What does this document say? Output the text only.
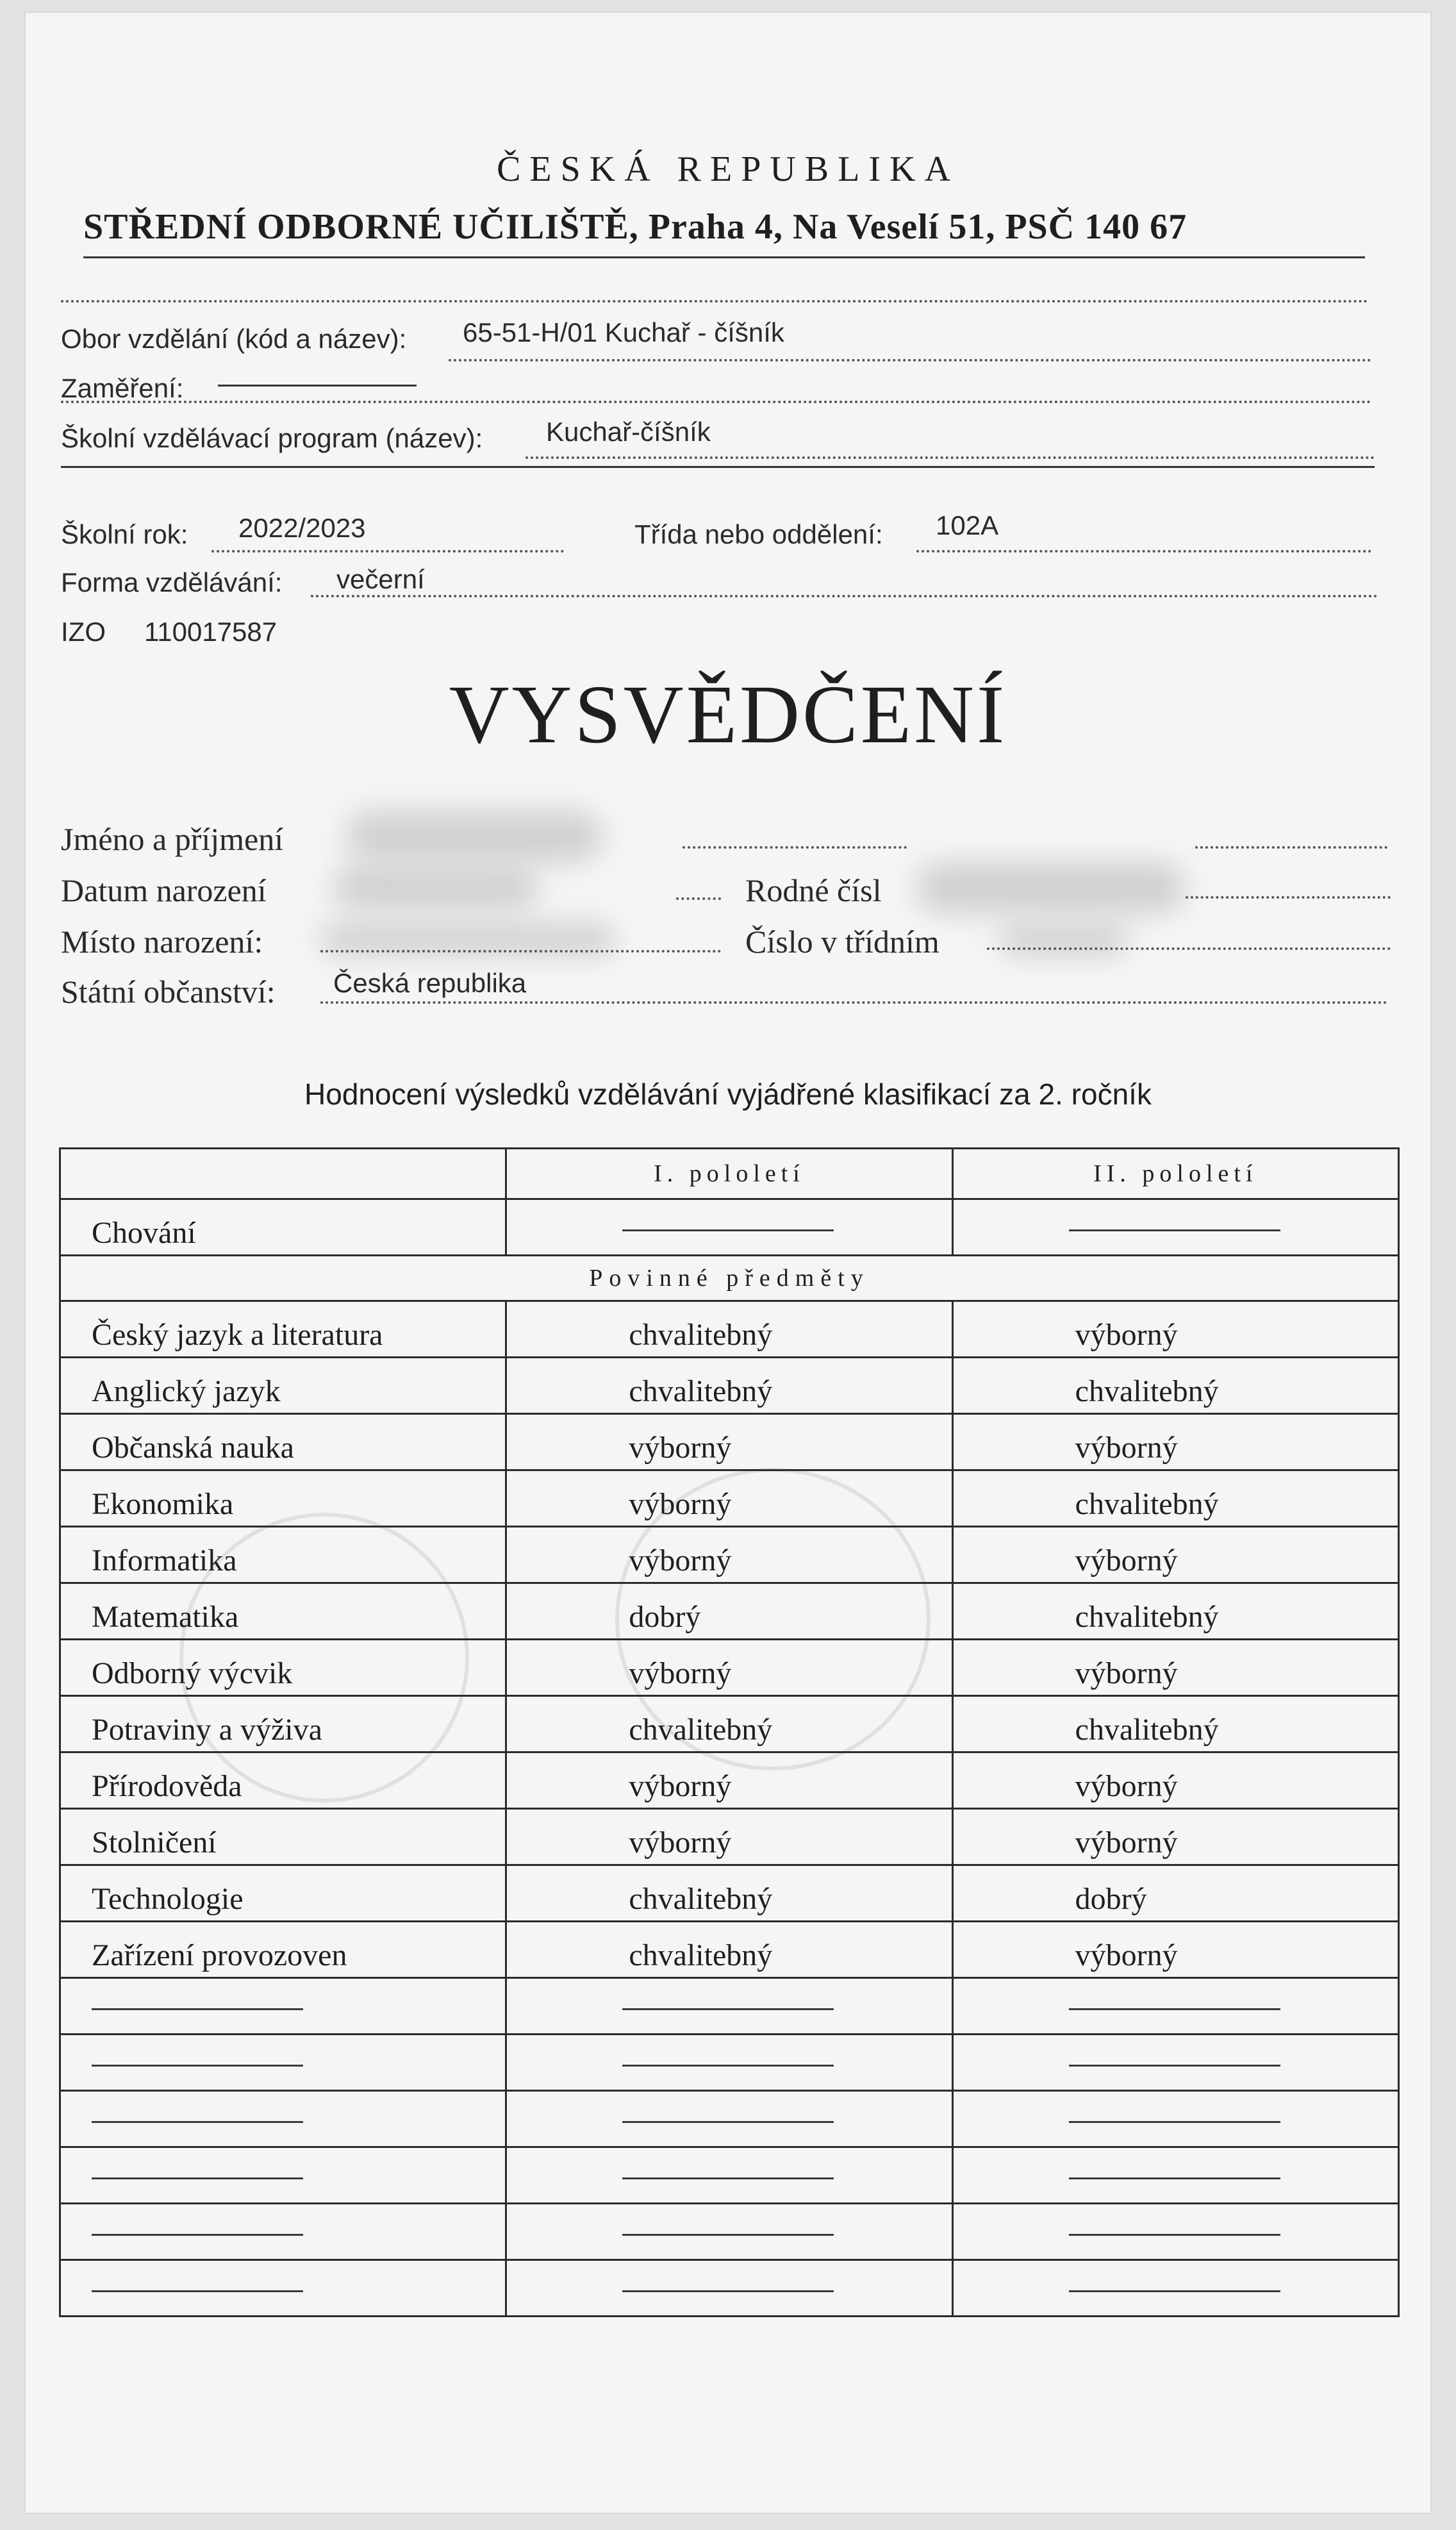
ČESKÁ REPUBLIKA
STŘEDNÍ ODBORNÉ UČILIŠTĚ, Praha 4, Na Veselí 51, PSČ 140 67
Obor vzdělání (kód a název): 65-51-H/01 Kuchař - číšník
Zaměření:
Školní vzdělávací program (název): Kuchař-číšník
Školní rok: 2022/2023	Třída nebo oddělení: 102A
Forma vzdělávání: večerní
IZO 110017587
VYSVĚDČENÍ
Jméno a příjmení
Datum narození	Rodné čísl
Místo narození:	Číslo v třídním
Státní občanství: Česká republika
Hodnocení výsledků vzdělávání vyjádřené klasifikací za 2. ročník
	I. pololetí	II. pololetí
Chování		
Povinné předměty		
Český jazyk a literatura	chvalitebný	výborný
Anglický jazyk	chvalitebný	chvalitebný
Občanská nauka	výborný	výborný
Ekonomika	výborný	chvalitebný
Informatika	výborný	výborný
Matematika	dobrý	chvalitebný
Odborný výcvik	výborný	výborný
Potraviny a výživa	chvalitebný	chvalitebný
Přírodověda	výborný	výborný
Stolničení	výborný	výborný
Technologie	chvalitebný	dobrý
Zařízení provozoven	chvalitebný	výborný
